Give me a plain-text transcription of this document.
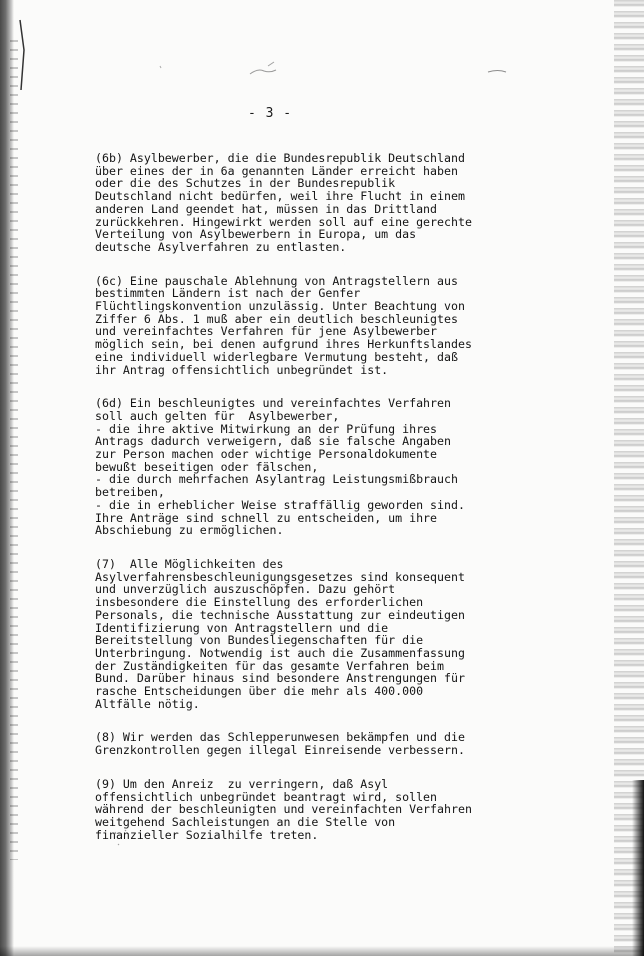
- 3 -
(6b) Asylbewerber, die die Bundesrepublik Deutschland
über eines der in 6a genannten Länder erreicht haben
oder die des Schutzes in der Bundesrepublik
Deutschland nicht bedürfen, weil ihre Flucht in einem
anderen Land geendet hat, müssen in das Drittland
zurückkehren. Hingewirkt werden soll auf eine gerechte
Verteilung von Asylbewerbern in Europa, um das
deutsche Asylverfahren zu entlasten.
(6c) Eine pauschale Ablehnung von Antragstellern aus
bestimmten Ländern ist nach der Genfer
Flüchtlingskonvention unzulässig. Unter Beachtung von
Ziffer 6 Abs. 1 muß aber ein deutlich beschleunigtes
und vereinfachtes Verfahren für jene Asylbewerber
möglich sein, bei denen aufgrund ihres Herkunftslandes
eine individuell widerlegbare Vermutung besteht, daß
ihr Antrag offensichtlich unbegründet ist.
(6d) Ein beschleunigtes und vereinfachtes Verfahren
soll auch gelten für  Asylbewerber,
- die ihre aktive Mitwirkung an der Prüfung ihres
Antrags dadurch verweigern, daß sie falsche Angaben
zur Person machen oder wichtige Personaldokumente
bewußt beseitigen oder fälschen,
- die durch mehrfachen Asylantrag Leistungsmißbrauch
betreiben,
- die in erheblicher Weise straffällig geworden sind.
Ihre Anträge sind schnell zu entscheiden, um ihre
Abschiebung zu ermöglichen.
(7)  Alle Möglichkeiten des
Asylverfahrensbeschleunigungsgesetzes sind konsequent
und unverzüglich auszuschöpfen. Dazu gehört
insbesondere die Einstellung des erforderlichen
Personals, die technische Ausstattung zur eindeutigen
Identifizierung von Antragstellern und die
Bereitstellung von Bundesliegenschaften für die
Unterbringung. Notwendig ist auch die Zusammenfassung
der Zuständigkeiten für das gesamte Verfahren beim
Bund. Darüber hinaus sind besondere Anstrengungen für
rasche Entscheidungen über die mehr als 400.000
Altfälle nötig.
(8) Wir werden das Schlepperunwesen bekämpfen und die
Grenzkontrollen gegen illegal Einreisende verbessern.
(9) Um den Anreiz  zu verringern, daß Asyl
offensichtlich unbegründet beantragt wird, sollen
während der beschleunigten und vereinfachten Verfahren
weitgehend Sachleistungen an die Stelle von
finanzieller Sozialhilfe treten.
